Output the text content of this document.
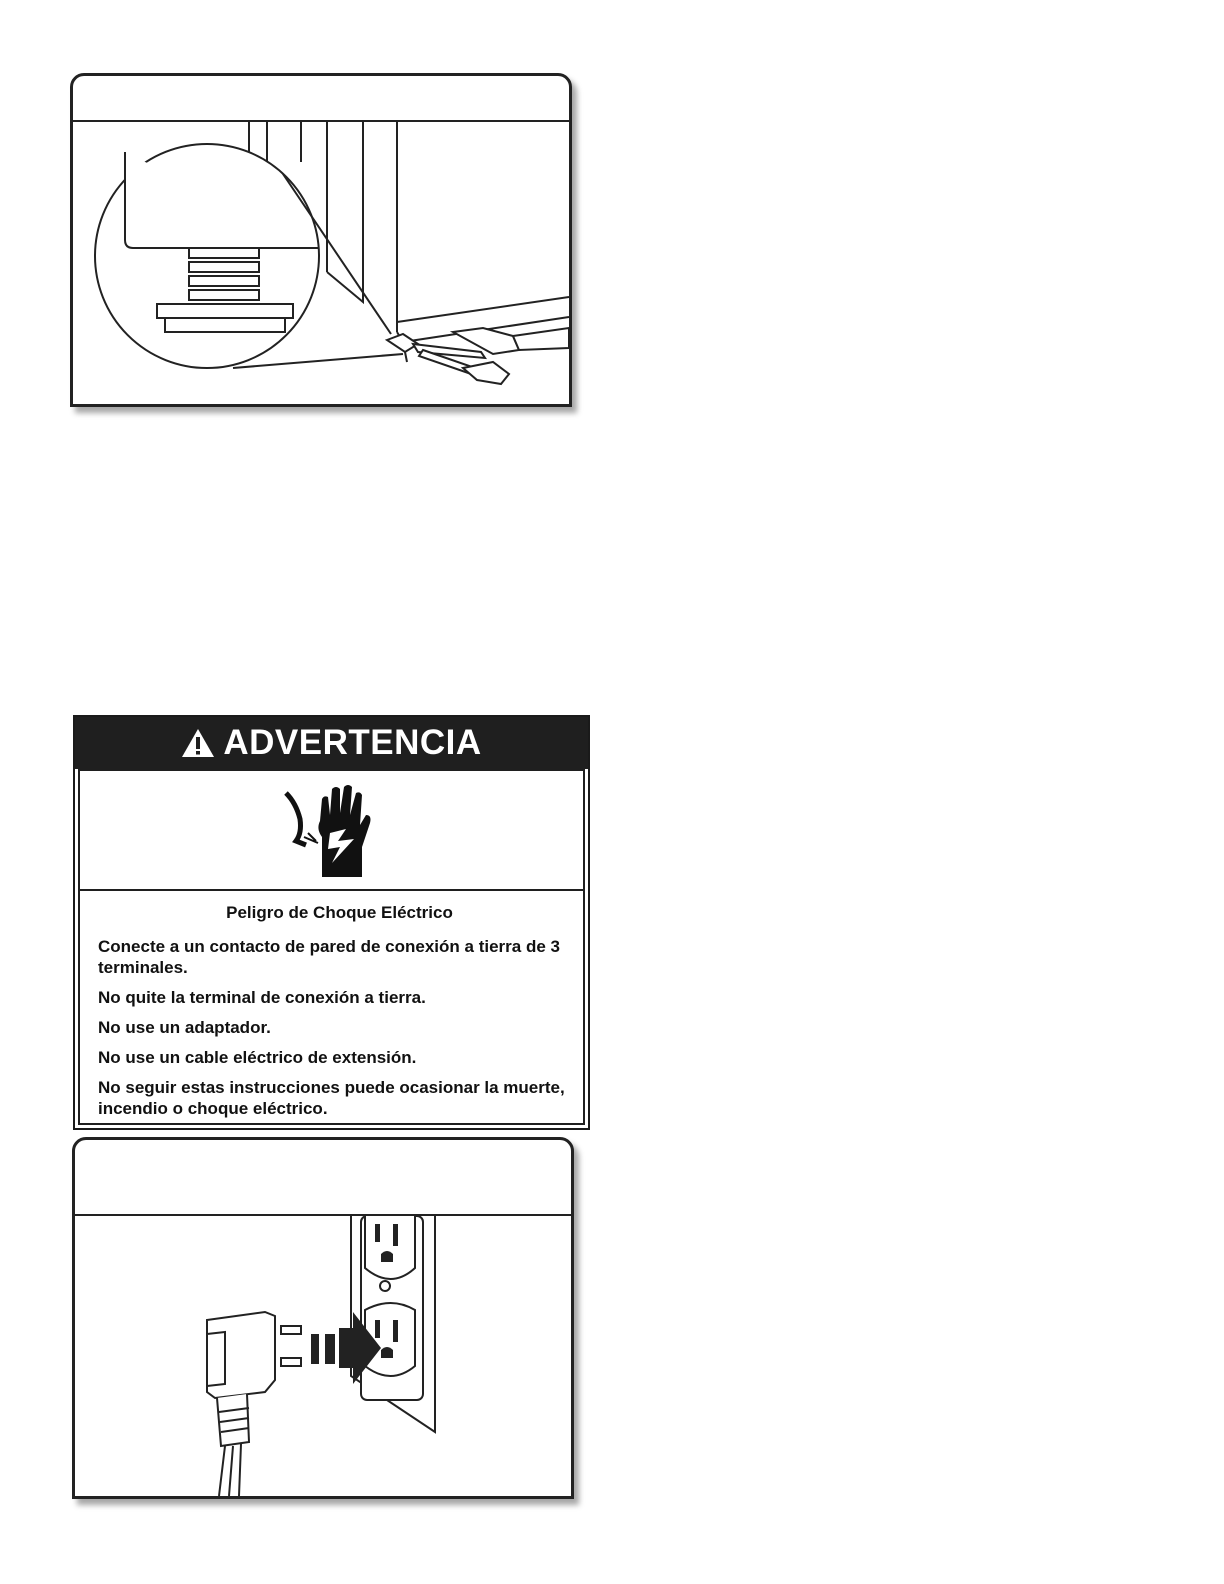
ADVERTENCIA

Peligro de Choque Eléctrico

Conecte a un contacto de pared de conexión a tierra de 3 terminales.

No quite la terminal de conexión a tierra.

No use un adaptador.

No use un cable eléctrico de extensión.

No seguir estas instrucciones puede ocasionar la muerte, incendio o choque eléctrico.
